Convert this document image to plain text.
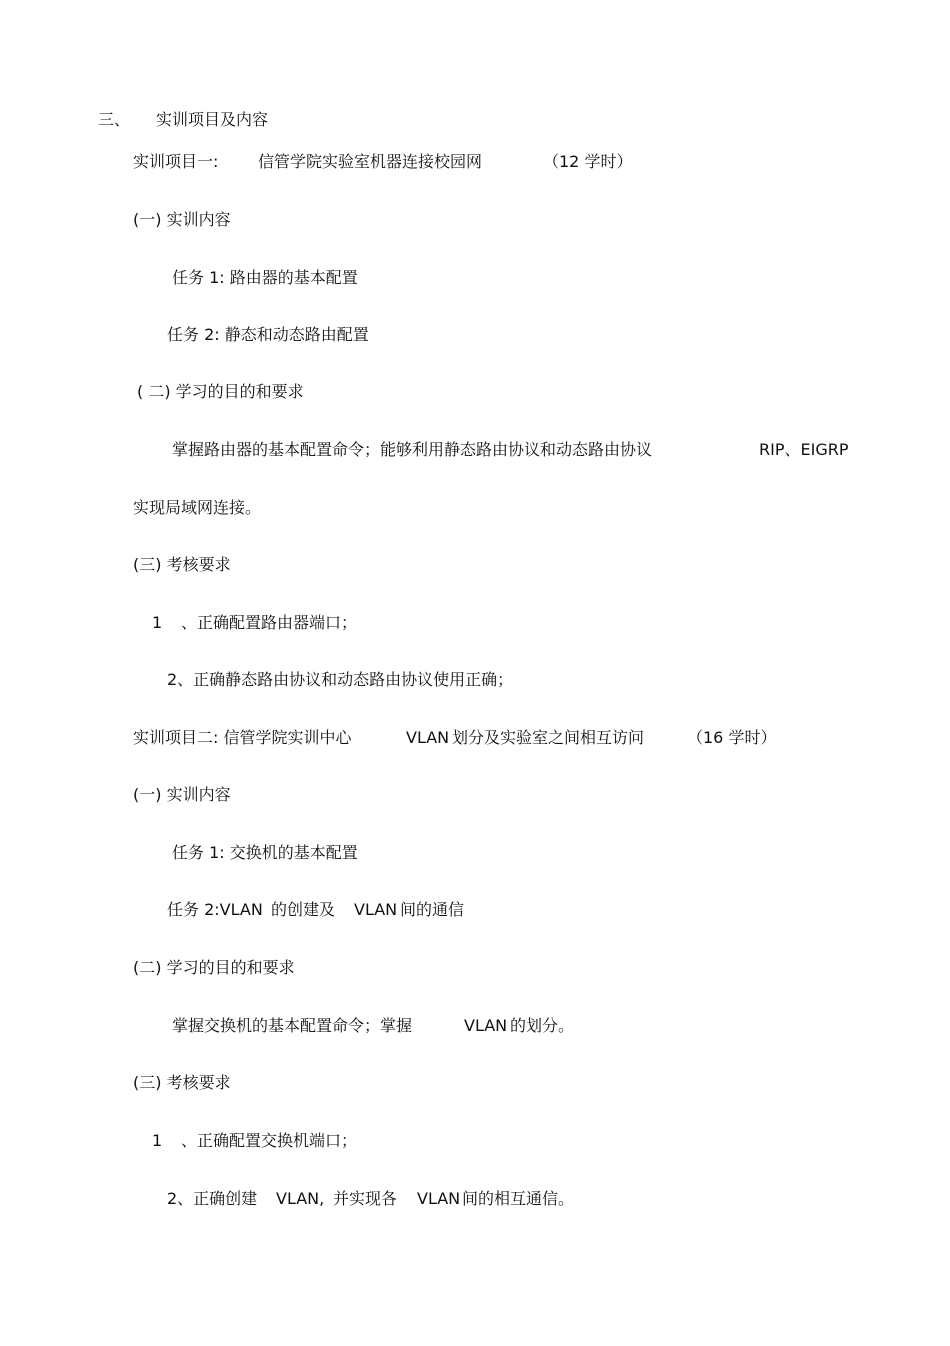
三、 实训项目及内容
实训项目一: 信管学院实验室机器连接校园网	（12 学时）
(一) 实训内容
任务 1: 路由器的基本配置
任务 2: 静态和动态路由配置
( 二) 学习的目的和要求
掌握路由器的基本配置命令；能够利用静态路由协议和动态路由协议	RIP、EIGRP
实现局域网连接。
(三) 考核要求
1 、正确配置路由器端口；
2、正确静态路由协议和动态路由协议使用正确；
实训项目二: 信管学院实训中心	VLAN 划分及实验室之间相互访问	（16 学时）
(一) 实训内容
任务 1: 交换机的基本配置
任务 2:VLAN 的创建及 VLAN 间的通信
(二) 学习的目的和要求
掌握交换机的基本配置命令；掌握	VLAN 的划分。
(三) 考核要求
1 、正确配置交换机端口；
2、正确创建 VLAN, 并实现各 VLAN 间的相互通信。
